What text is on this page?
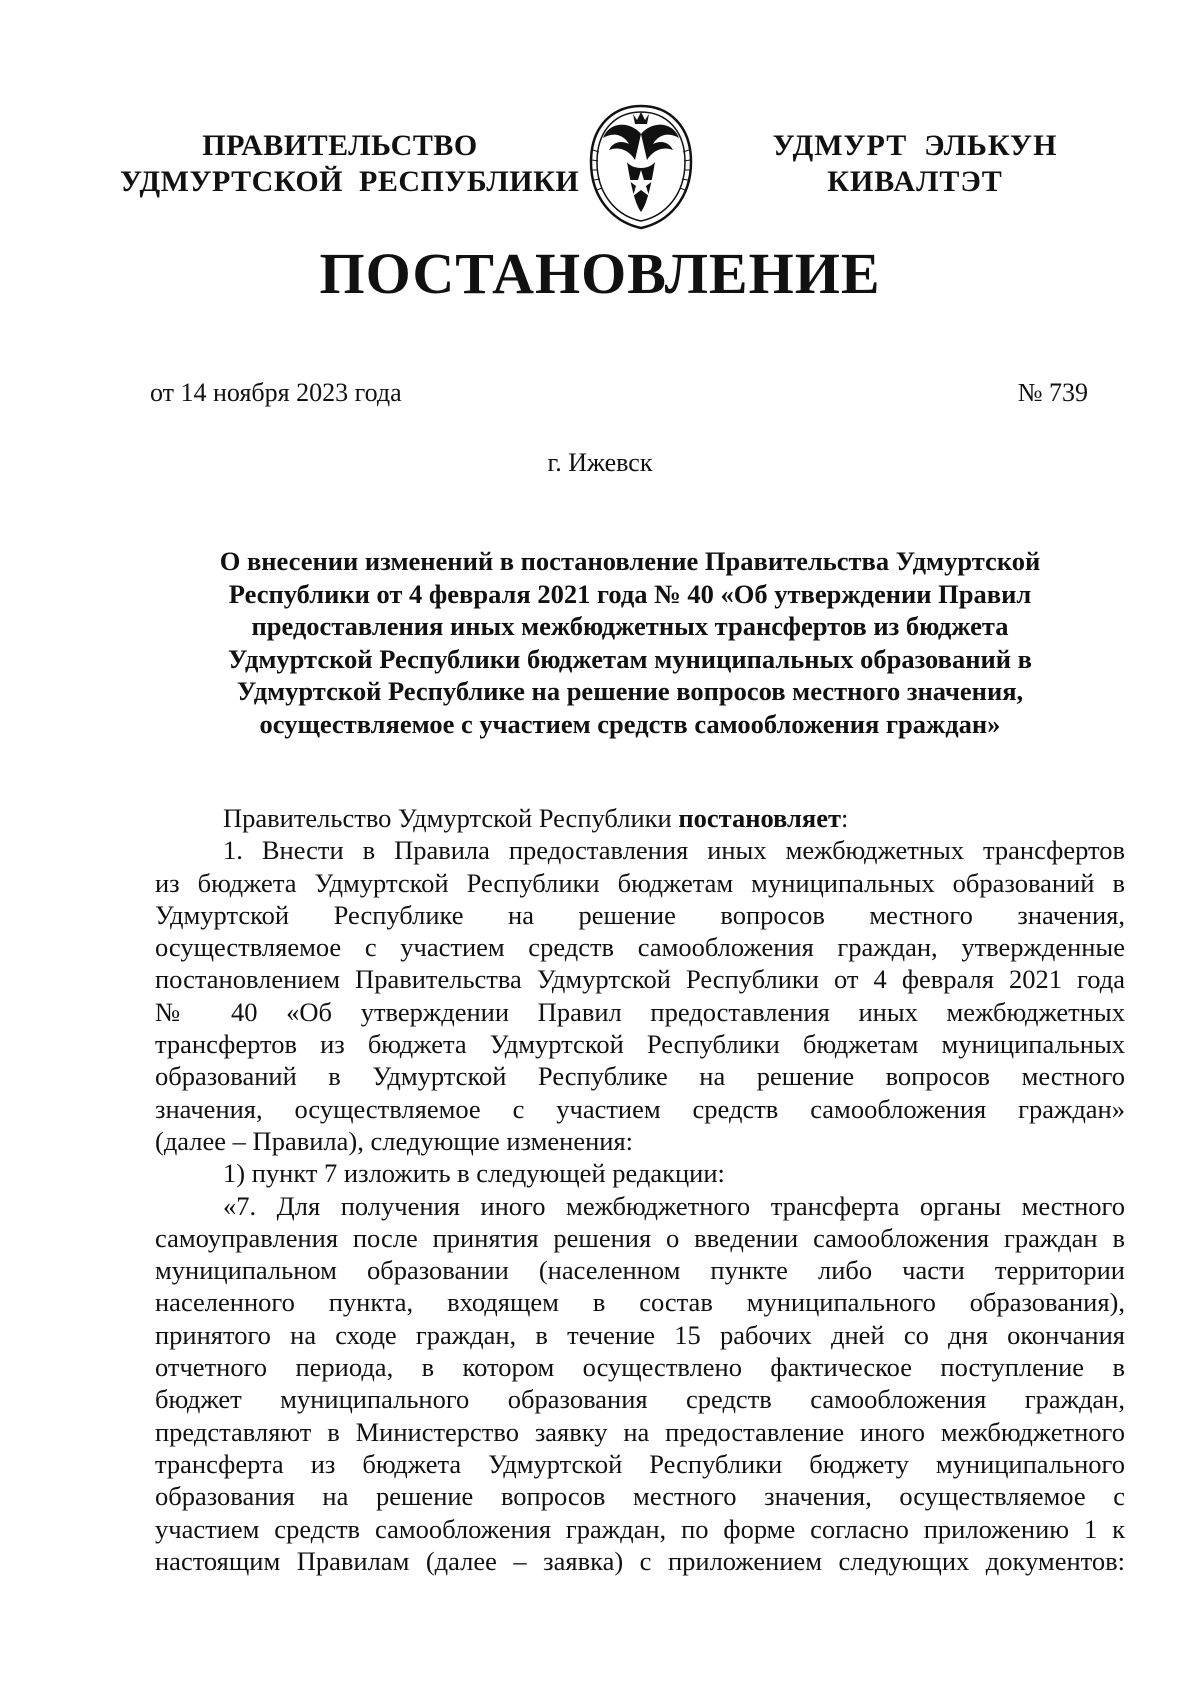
ПРАВИТЕЛЬСТВО
УДМУРТСКОЙ  РЕСПУБЛИКИ
УДМУРТ  ЭЛЬКУН
КИВАЛТЭТ
ПОСТАНОВЛЕНИЕ
от 14 ноября 2023 года	№ 739
г. Ижевск
О внесении изменений в постановление Правительства Удмуртской
Республики от 4 февраля 2021 года № 40 «Об утверждении Правил
предоставления иных межбюджетных трансфертов из бюджета
Удмуртской Республики бюджетам муниципальных образований в
Удмуртской Республике на решение вопросов местного значения,
осуществляемое с участием средств самообложения граждан»
Правительство Удмуртской Республики постановляет:
1. Внести в Правила предоставления иных межбюджетных трансфертов
из бюджета Удмуртской Республики бюджетам муниципальных образований в
Удмуртской Республике на решение вопросов местного значения,
осуществляемое с участием средств самообложения граждан, утвержденные
постановлением Правительства Удмуртской Республики от 4 февраля 2021 года
№ 40 «Об утверждении Правил предоставления иных межбюджетных
трансфертов из бюджета Удмуртской Республики бюджетам муниципальных
образований в Удмуртской Республике на решение вопросов местного
значения, осуществляемое с участием средств самообложения граждан»
(далее – Правила), следующие изменения:
1) пункт 7 изложить в следующей редакции:
«7. Для получения иного межбюджетного трансферта органы местного
самоуправления после принятия решения о введении самообложения граждан в
муниципальном образовании (населенном пункте либо части территории
населенного пункта, входящем в состав муниципального образования),
принятого на сходе граждан, в течение 15 рабочих дней со дня окончания
отчетного периода, в котором осуществлено фактическое поступление в
бюджет муниципального образования средств самообложения граждан,
представляют в Министерство заявку на предоставление иного межбюджетного
трансферта из бюджета Удмуртской Республики бюджету муниципального
образования на решение вопросов местного значения, осуществляемое с
участием средств самообложения граждан, по форме согласно приложению 1 к
настоящим Правилам (далее – заявка) с приложением следующих документов:
